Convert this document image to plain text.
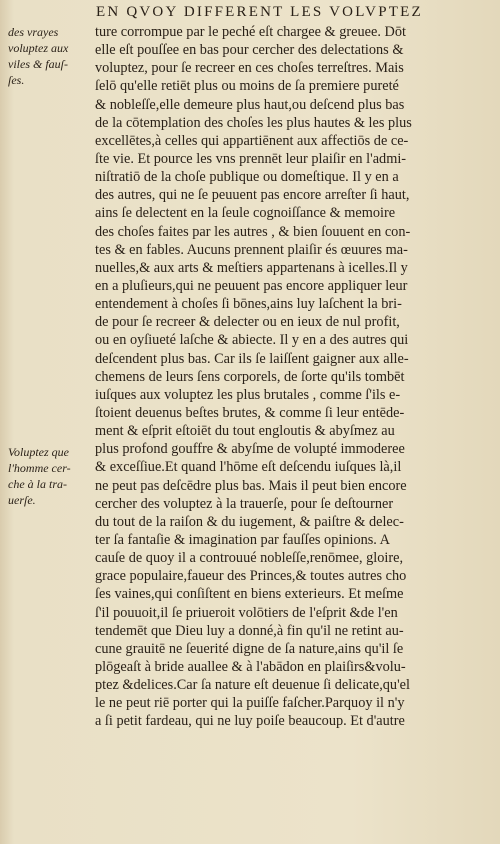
EN QVOY DIFFERENT LES VOLVPTEZ
des vrayes
voluptez aux
viles & fauſ-
ſes.
Voluptez que
l'homme cer-
che à la tra-
uerſe.
ture corrompue par le peché eſt chargee & greuee. Dōt
elle eſt pouſſee en bas pour cercher des delectations &
voluptez, pour ſe recreer en ces choſes terreſtres. Mais
ſelō qu'elle retiēt plus ou moins de ſa premiere pureté
& nobleſſe,elle demeure plus haut,ou deſcend plus bas
de la cōtemplation des choſes les plus hautes & les plus
excellētes,à celles qui appartiēnent aux affectiōs de ce-
ſte vie. Et pource les vns prennēt leur plaiſir en l'admi-
niſtratiō de la choſe publique ou domeſtique. Il y en a
des autres, qui ne ſe peuuent pas encore arreſter ſi haut,
ains ſe delectent en la ſeule cognoiſſance & memoire
des choſes faites par les autres , & bien ſouuent en con-
tes & en fables. Aucuns prennent plaiſir és œuures ma-
nuelles,& aux arts & meſtiers appartenans à icelles.Il y
en a pluſieurs,qui ne peuuent pas encore appliquer leur
entendement à choſes ſi bōnes,ains luy laſchent la bri-
de pour ſe recreer & delecter ou en ieux de nul profit,
ou en oyſiueté laſche & abiecte. Il y en a des autres qui
deſcendent plus bas. Car ils ſe laiſſent gaigner aux alle-
chemens de leurs ſens corporels, de ſorte qu'ils tombēt
iuſques aux voluptez les plus brutales , comme ſ'ils e-
ſtoient deuenus beſtes brutes, & comme ſi leur entēde-
ment & eſprit eſtoiēt du tout engloutis & abyſmez au
plus profond gouffre & abyſme de volupté immoderee
& exceſſiue.Et quand l'hōme eſt deſcendu iuſques là,il
ne peut pas deſcēdre plus bas. Mais il peut bien encore
cercher des voluptez à la trauerſe, pour ſe deſtourner
du tout de la raiſon & du iugement, & paiſtre & delec-
ter ſa fantaſie & imagination par fauſſes opinions. A
cauſe de quoy il a controuué nobleſſe,renōmee, gloire,
grace populaire,faueur des Princes,& toutes autres cho
ſes vaines,qui conſiſtent en biens exterieurs. Et meſme
ſ'il pouuoit,il ſe priueroit volōtiers de l'eſprit &de l'en
tendemēt que Dieu luy a donné,à fin qu'il ne retint au-
cune grauitē ne ſeuerité digne de ſa nature,ains qu'il ſe
plōgeaſt à bride auallee & à l'abādon en plaiſirs&volu-
ptez &delices.Car ſa nature eſt deuenue ſi delicate,qu'el
le ne peut riē porter qui la puiſſe faſcher.Parquoy il n'y
a ſi petit fardeau, qui ne luy poiſe beaucoup. Et d'autre
